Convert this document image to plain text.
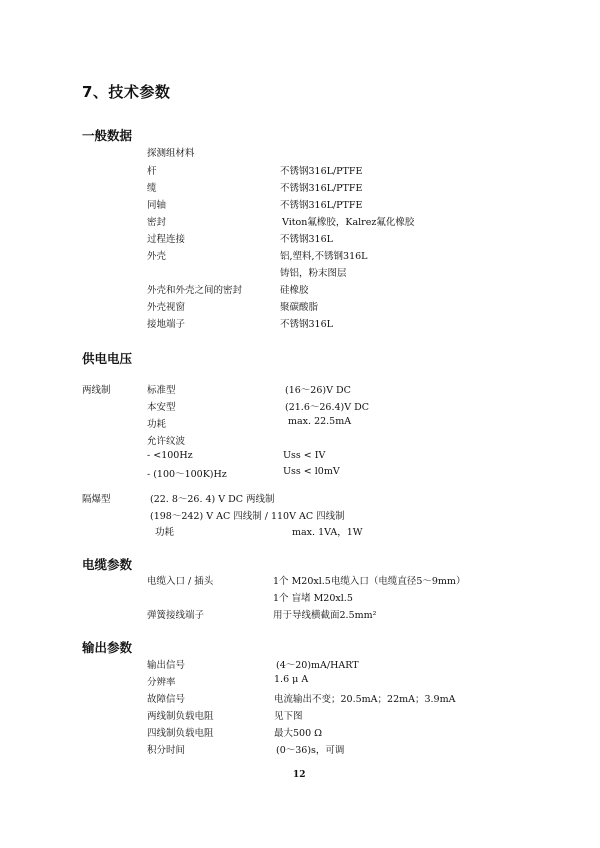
7、技术参数
一般数据
探测组材料
杆	不锈钢316L/PTFE
缆	不锈钢316L/PTFE
同轴	不锈钢316L/PTFE
密封	Viton氟橡胶，Kalrez氟化橡胶
过程连接	不锈钢316L
外壳	铝,塑料,不锈钢316L
铸铝，粉末图层
外壳和外壳之间的密封	硅橡胶
外壳视窗	聚碳酸脂
接地端子	不锈钢316L
供电电压
两线制	标准型	(16～26)V DC
本安型	(21.6～26.4)V DC
功耗	max. 22.5mA
允许纹波
- <100Hz	Uss < IV
- (100～100K)Hz	Uss < l0mV
隔爆型	(22. 8～26. 4) V DC 两线制
(198～242) V AC 四线制 / 110V AC 四线制
功耗	max. 1VA，1W
电缆参数
电缆入口 / 插头	1个 M20xl.5电缆入口（电缆直径5～9mm）
1个 盲堵 M20xl.5
弹簧接线端子	用于导线横截面2.5mm²
输出参数
输出信号	(4～20)mA/HART
分辨率	1.6 μ A
故障信号	电流输出不变；20.5mA；22mA；3.9mA
两线制负载电阻	见下图
四线制负载电阻	最大500 Ω
积分时间	(0～36)s，可调
12
